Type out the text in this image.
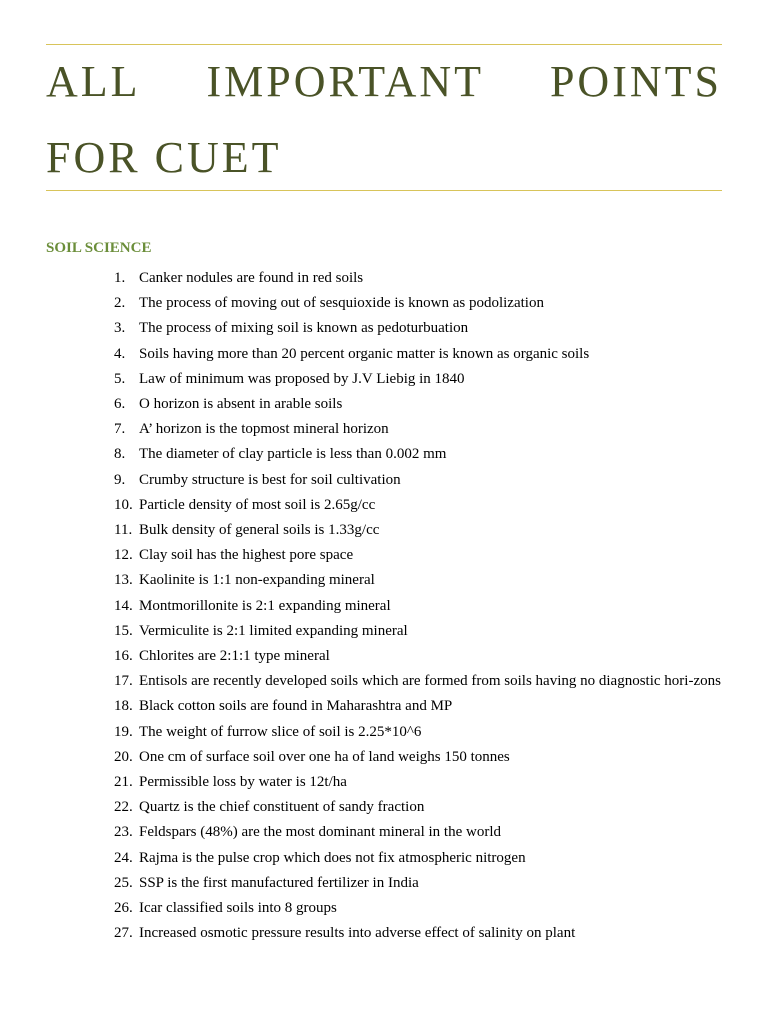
ALL IMPORTANT POINTS
FOR CUET
SOIL SCIENCE
1. Canker nodules are found in red soils
2. The process of moving out of sesquioxide is known as podolization
3. The process of mixing soil is known as pedoturbuation
4. Soils having more than 20 percent organic matter is known as organic soils
5. Law of minimum was proposed by J.V Liebig in 1840
6. O horizon is absent in arable soils
7. A’ horizon is the topmost mineral horizon
8. The diameter of clay particle is less than 0.002 mm
9. Crumby structure is best for soil cultivation
10. Particle density of most soil is 2.65g/cc
11. Bulk density of general soils is 1.33g/cc
12. Clay soil has the highest pore space
13. Kaolinite is 1:1 non-expanding mineral
14. Montmorillonite is 2:1 expanding mineral
15. Vermiculite is 2:1 limited expanding mineral
16. Chlorites are 2:1:1 type mineral
17. Entisols are recently developed soils which are formed from soils having no diagnostic hori-zons
18. Black cotton soils are found in Maharashtra and MP
19. The weight of furrow slice of soil is 2.25*10^6
20. One cm of surface soil over one ha of land weighs 150 tonnes
21. Permissible loss by water is 12t/ha
22. Quartz is the chief constituent of sandy fraction
23. Feldspars (48%) are the most dominant mineral in the world
24. Rajma is the pulse crop which does not fix atmospheric nitrogen
25. SSP is the first manufactured fertilizer in India
26. Icar classified soils into 8 groups
27. Increased osmotic pressure results into adverse effect of salinity on plant
